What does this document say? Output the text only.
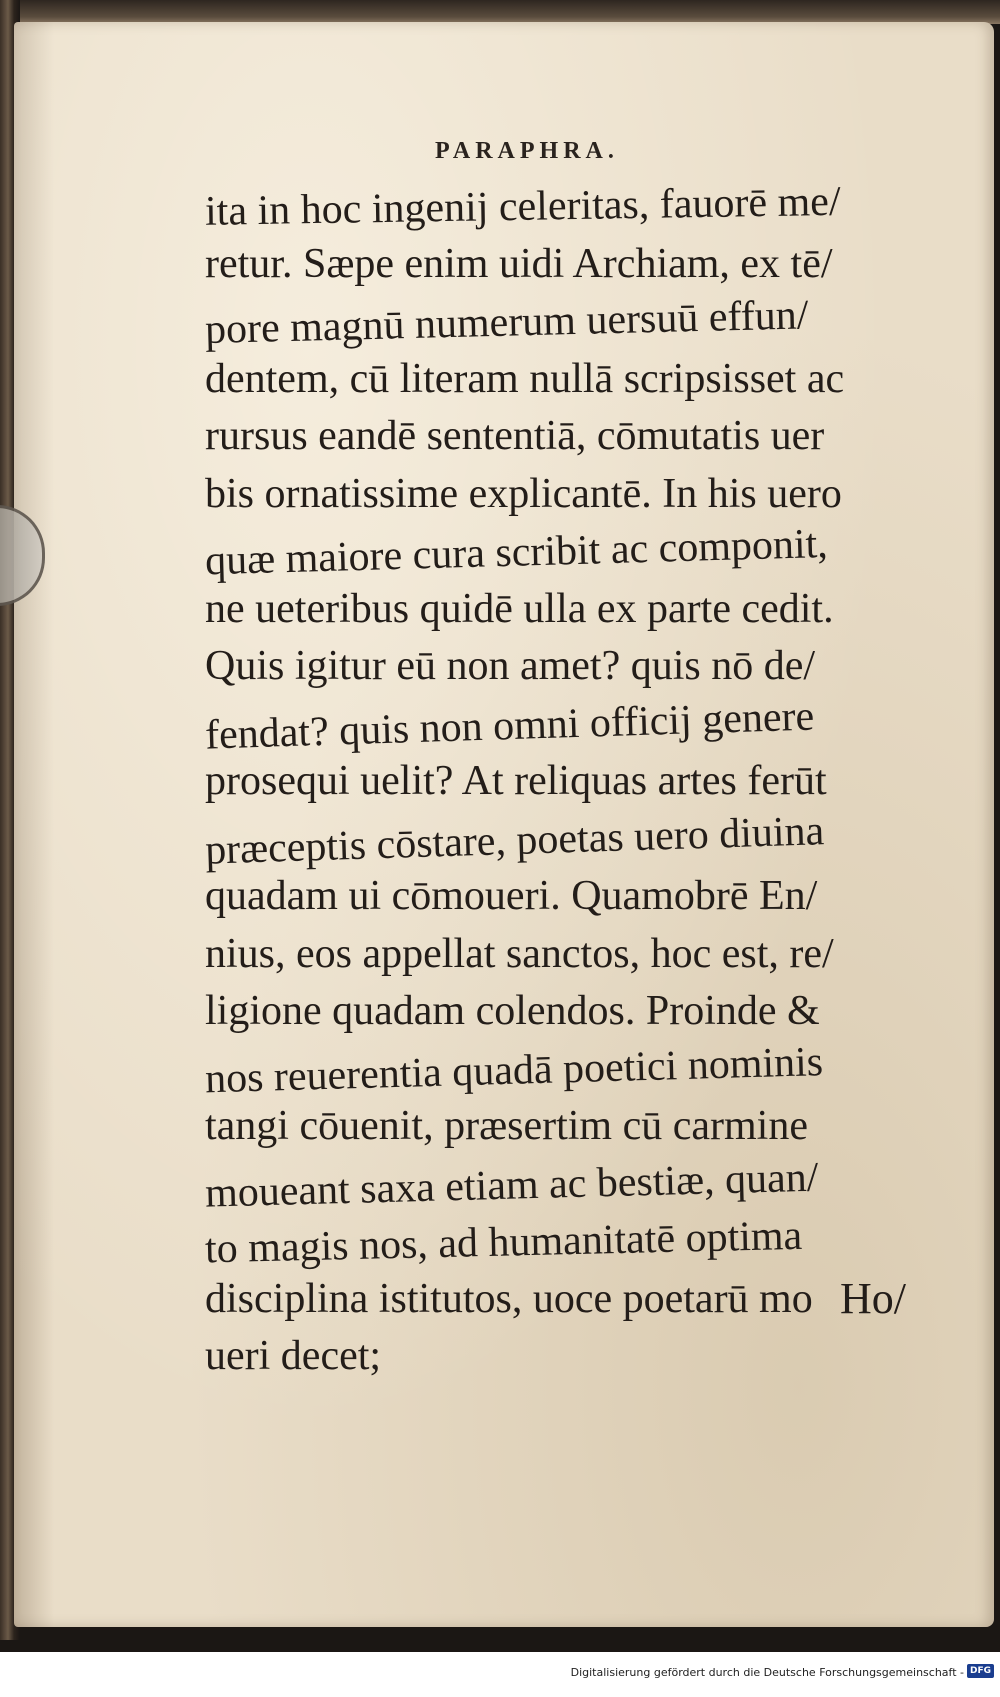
PARAPHRA.
ita in hoc ingenij celeritas, fauorē me/
retur. Sæpe enim uidi Archiam, ex tē/
pore magnū numerum uersuū effun/
dentem, cū literam nullā scripsisset ac
rursus eandē sententiā, cōmutatis uer
bis ornatissime explicantē. In his uero
quæ maiore cura scribit ac componit,
ne ueteribus quidē ulla ex parte cedit.
Quis igitur eū non amet? quis nō de/
fendat? quis non omni officij genere
prosequi uelit? At reliquas artes ferūt
præceptis cōstare, poetas uero diuina
quadam ui cōmoueri. Quamobrē En/
nius, eos appellat sanctos, hoc est, re/
ligione quadam colendos. Proinde &
nos reuerentia quadā poetici nominis
tangi cōuenit, præsertim cū carmine
moueant saxa etiam ac bestiæ, quan/
to magis nos, ad humanitatē optima
disciplina istitutos, uoce poetarū mo
ueri decet;
Ho/
Digitalisierung gefördert durch die Deutsche Forschungsgemeinschaft - DFG
